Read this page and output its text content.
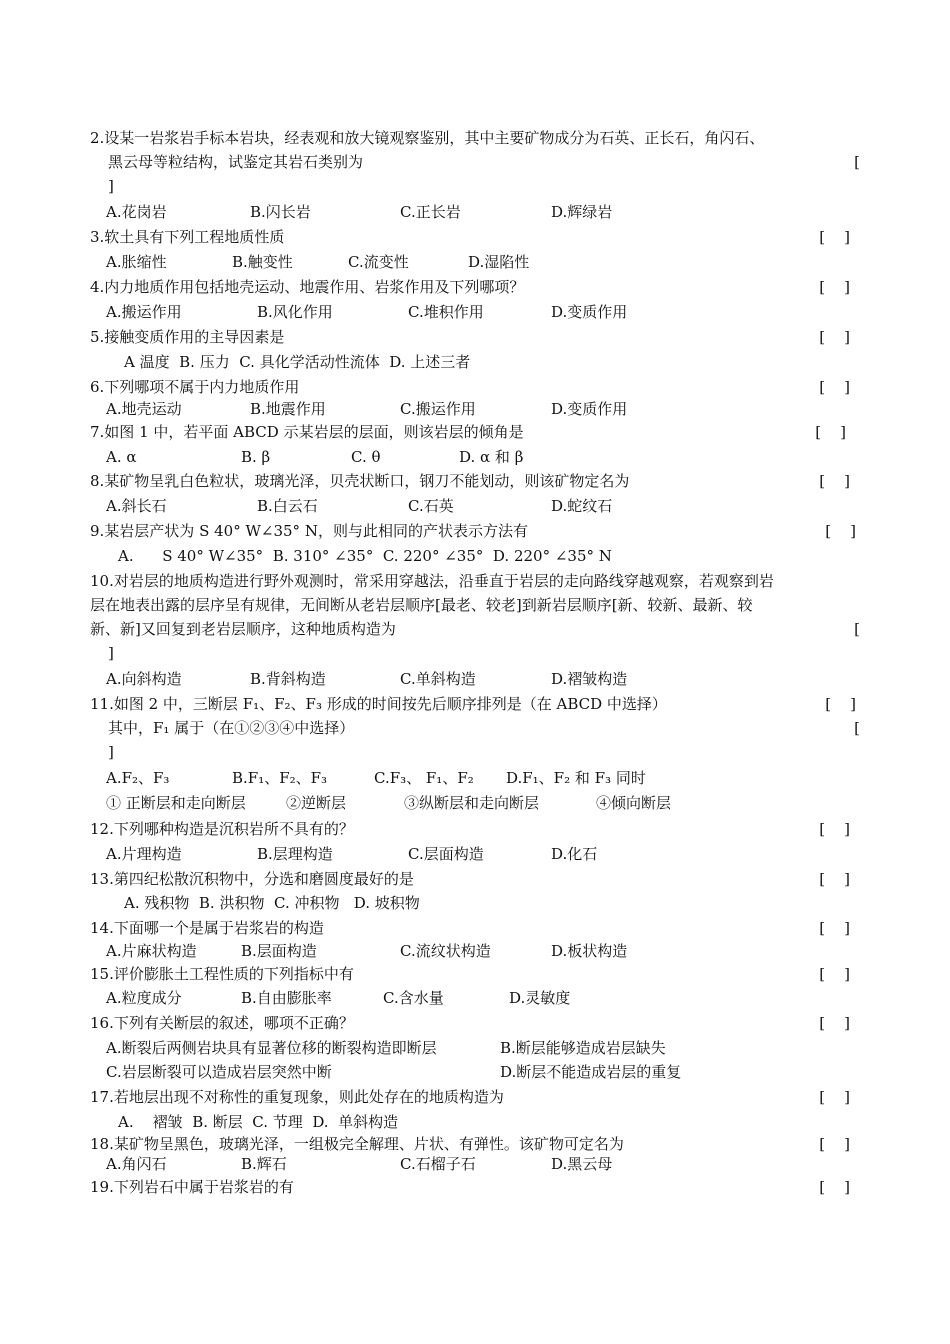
2.设某一岩浆岩手标本岩块，经表观和放大镜观察鉴别，其中主要矿物成分为石英、正长石，角闪石、
黑云母等粒结构，试鉴定其岩石类别为	[
]
A.花岗岩	B.闪长岩	C.正长岩	D.辉绿岩
3.软土具有下列工程地质性质	[    ]
A.胀缩性	B.触变性	C.流变性	D.湿陷性
4.内力地质作用包括地壳运动、地震作用、岩浆作用及下列哪项？	[    ]
A.搬运作用	B.风化作用	C.堆积作用	D.变质作用
5.接触变质作用的主导因素是	[    ]
A 温度  B. 压力  C. 具化学活动性流体  D. 上述三者
6.下列哪项不属于内力地质作用	[    ]
A.地壳运动	B.地震作用	C.搬运作用	D.变质作用
7.如图 1 中，若平面 ABCD 示某岩层的层面，则该岩层的倾角是	[    ]
A. α	B. β	C. θ	D. α 和 β
8.某矿物呈乳白色粒状，玻璃光泽，贝壳状断口，钢刀不能划动，则该矿物定名为	[    ]
A.斜长石	B.白云石	C.石英	D.蛇纹石
9.某岩层产状为 S 40° W∠35° N，则与此相同的产状表示方法有	[    ]
A.      S 40° W∠35°  B. 310° ∠35°  C. 220° ∠35°  D. 220° ∠35° N
10.对岩层的地质构造进行野外观测时，常采用穿越法，沿垂直于岩层的走向路线穿越观察，若观察到岩
层在地表出露的层序呈有规律，无间断从老岩层顺序[最老、较老]到新岩层顺序[新、较新、最新、较
新、新]又回复到老岩层顺序，这种地质构造为	[
]
A.向斜构造	B.背斜构造	C.单斜构造	D.褶皱构造
11.如图 2 中，三断层 F₁、F₂、F₃ 形成的时间按先后顺序排列是（在 ABCD 中选择）
其中，F₁ 属于（在①②③④中选择）
[    ]
[
]
A.F₂、F₃	B.F₁、F₂、F₃	C.F₃、 F₁、F₂ D.F₁、F₂ 和 F₃ 同时
① 正断层和走向断层	②逆断层	③纵断层和走向断层	④倾向断层
12.下列哪种构造是沉积岩所不具有的？	[    ]
A.片理构造	B.层理构造	C.层面构造	D.化石
13.第四纪松散沉积物中，分选和磨圆度最好的是	[    ]
A. 残积物  B. 洪积物  C. 冲积物   D. 坡积物
14.下面哪一个是属于岩浆岩的构造	[    ]
A.片麻状构造	B.层面构造	C.流纹状构造	D.板状构造
15.评价膨胀土工程性质的下列指标中有	[    ]
A.粒度成分	B.自由膨胀率	C.含水量	D.灵敏度
16.下列有关断层的叙述，哪项不正确？	[    ]
A.断裂后两侧岩块具有显著位移的断裂构造即断层	B.断层能够造成岩层缺失
C.岩层断裂可以造成岩层突然中断	D.断层不能造成岩层的重复
17.若地层出现不对称性的重复现象，则此处存在的地质构造为	[    ]
A.    褶皱  B. 断层  C. 节理  D.  单斜构造
18.某矿物呈黑色，玻璃光泽，一组极完全解理、片状、有弹性。该矿物可定名为	[    ]
A.角闪石	B.辉石	C.石榴子石	D.黑云母
19.下列岩石中属于岩浆岩的有	[    ]
